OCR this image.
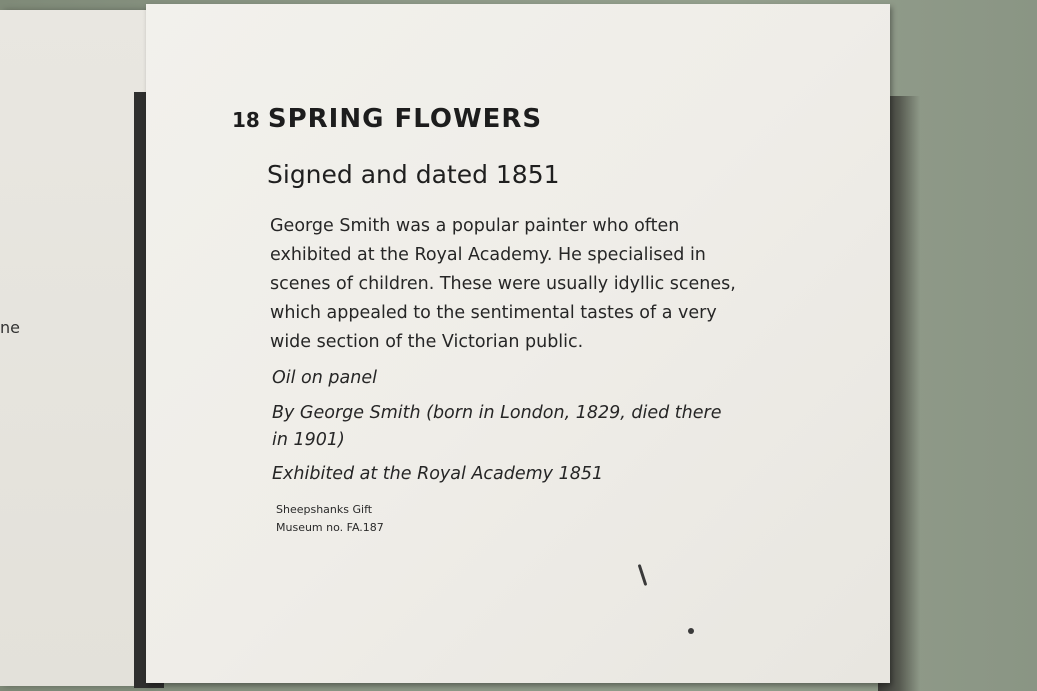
ne
18 SPRING FLOWERS
Signed and dated 1851
George Smith was a popular painter who often
exhibited at the Royal Academy. He specialised in
scenes of children. These were usually idyllic scenes,
which appealed to the sentimental tastes of a very
wide section of the Victorian public.
Oil on panel
By George Smith (born in London, 1829, died there
in 1901)
Exhibited at the Royal Academy 1851
Sheepshanks Gift
Museum no. FA.187
